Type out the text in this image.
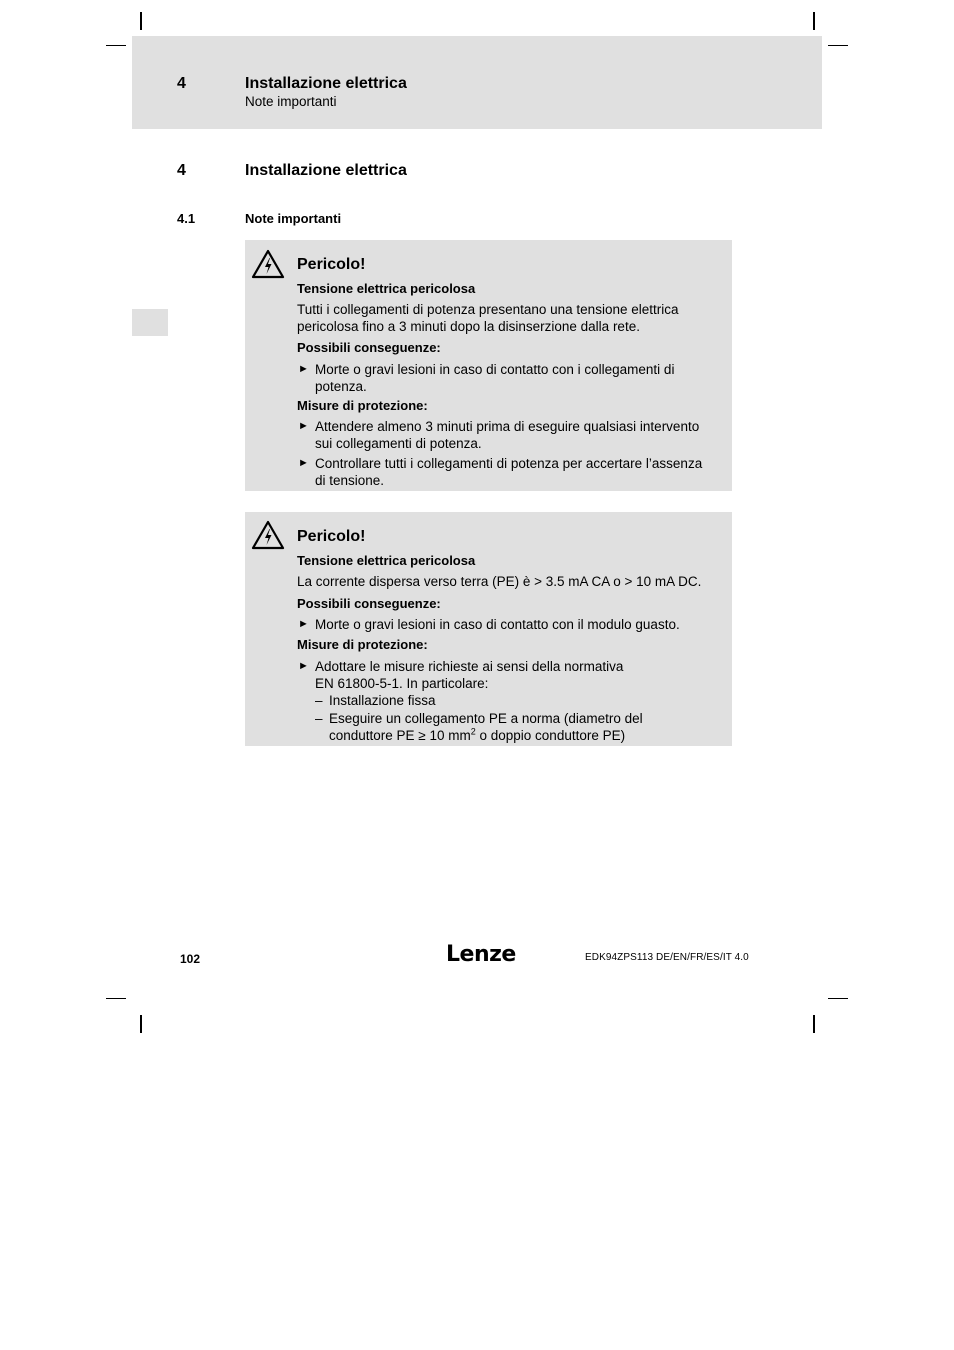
4	Installazione elettrica
Note importanti
4	Installazione elettrica
4.1	Note importanti
Pericolo!
Tensione elettrica pericolosa
Tutti i collegamenti di potenza presentano una tensione elettrica
pericolosa fino a 3 minuti dopo la disinserzione dalla rete.
Possibili conseguenze:
► Morte o gravi lesioni in caso di contatto con i collegamenti di
potenza.
Misure di protezione:
► Attendere almeno 3 minuti prima di eseguire qualsiasi intervento
sui collegamenti di potenza.
► Controllare tutti i collegamenti di potenza per accertare l’assenza
di tensione.
Pericolo!
Tensione elettrica pericolosa
La corrente dispersa verso terra (PE) è > 3.5 mA CA o > 10 mA DC.
Possibili conseguenze:
► Morte o gravi lesioni in caso di contatto con il modulo guasto.
Misure di protezione:
► Adottare le misure richieste ai sensi della normativa
EN 61800-5-1. In particolare:
– Installazione fissa
– Eseguire un collegamento PE a norma (diametro del
conduttore PE ≥ 10 $mm^2$ o doppio conduttore PE)
102	Lenze	EDK94ZPS113 DE/EN/FR/ES/IT 4.0
